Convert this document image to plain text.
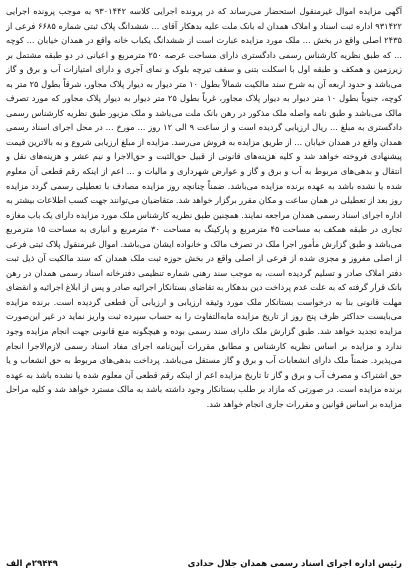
آگهی مزایده اموال غیرمنقول استحضار می‌رساند که در پرونده اجرایی کلاسه ۹۳۰۱۴۴۲ به موجب پرونده اجرایی ۹۳۱۴۲۲ اداره ثبت اسناد و املاک همدان له بانک ملت علیه بدهکار آقای ... ششدانگ پلاک ثبتی شماره ۶۶۸۵ فرعی از ۲۴۳۵ اصلی واقع در بخش ... ملک مورد مزایده عبارت است از ششدانگ یکباب خانه واقع در همدان خیابان ... کوچه ... که طبق نظریه کارشناس رسمی دادگستری دارای مساحت عرصه ۲۵۰ مترمربع و اعیانی در دو طبقه مشتمل بر زیرزمین و همکف و طبقه اول با اسکلت بتنی و سقف تیرچه بلوک و نمای آجری و دارای امتیازات آب و برق و گاز می‌باشد و حدود اربعه آن به شرح سند مالکیت شمالاً بطول ۱۰ متر دیوار به دیوار پلاک مجاور، شرقاً بطول ۲۵ متر به کوچه، جنوباً بطول ۱۰ متر دیوار به دیوار پلاک مجاور، غرباً بطول ۲۵ متر دیوار به دیوار پلاک مجاور که مورد تصرف مالک می‌باشد و طبق نامه واصله ملک مذکور در رهن بانک ملت می‌باشد و ملک مزبور طبق نظریه کارشناس رسمی دادگستری به مبلغ ... ریال ارزیابی گردیده است و از ساعت ۹ الی ۱۲ روز ... مورخ ... در محل اجرای اسناد رسمی همدان واقع در همدان خیابان ... از طریق مزایده به فروش می‌رسد. مزایده از مبلغ ارزیابی شروع و به بالاترین قیمت پیشنهادی فروخته خواهد شد و کلیه هزینه‌های قانونی از قبیل حق‌الثبت و حق‌الاجرا و نیم عشر و هزینه‌های نقل و انتقال و بدهی‌های مربوط به آب و برق و گاز و عوارض شهرداری و مالیات و ... اعم از اینکه رقم قطعی آن معلوم شده یا نشده باشد به عهده برنده مزایده می‌باشد. ضمناً چنانچه روز مزایده مصادف با تعطیلی رسمی گردد مزایده روز بعد از تعطیلی در همان ساعت و مکان مقرر برگزار خواهد شد. متقاضیان می‌توانند جهت کسب اطلاعات بیشتر به اداره اجرای اسناد رسمی همدان مراجعه نمایند. همچنین طبق نظریه کارشناس ملک مورد مزایده دارای یک باب مغازه تجاری در طبقه همکف به مساحت ۴۵ مترمربع و پارکینگ به مساحت ۳۰ مترمربع و انباری به مساحت ۱۵ مترمربع می‌باشد و طبق گزارش مأمور اجرا ملک در تصرف مالک و خانواده ایشان می‌باشد. اموال غیرمنقول پلاک ثبتی فرعی از اصلی مفروز و مجزی شده از فرعی از اصلی واقع در بخش حوزه ثبت ملک همدان که سند مالکیت آن ذیل ثبت دفتر املاک صادر و تسلیم گردیده است، به موجب سند رهنی شماره تنظیمی دفترخانه اسناد رسمی همدان در رهن بانک قرار گرفته که به علت عدم پرداخت دین بدهکار به تقاضای بستانکار اجرائیه صادر و پس از ابلاغ اجرائیه و انقضای مهلت قانونی بنا به درخواست بستانکار ملک مورد وثیقه ارزیابی و ارزیابی آن قطعی گردیده است. برنده مزایده می‌بایست حداکثر ظرف پنج روز از تاریخ مزایده مابه‌التفاوت را به حساب سپرده ثبت واریز نماید در غیر این‌صورت مزایده تجدید خواهد شد. طبق گزارش ملک دارای سند رسمی بوده و هیچگونه منع قانونی جهت انجام مزایده وجود ندارد و مزایده بر اساس نظریه کارشناس و مطابق مقررات آیین‌نامه اجرای مفاد اسناد رسمی لازم‌الاجرا انجام می‌پذیرد. ضمناً ملک دارای انشعابات آب و برق و گاز مستقل می‌باشد. پرداخت بدهی‌های مربوط به حق انشعاب و یا حق اشتراک و مصرف آب و برق و گاز تا تاریخ مزایده اعم از اینکه رقم قطعی آن معلوم شده یا نشده باشد به عهده برنده مزایده است. در صورتی که مازاد بر طلب بستانکار وجود داشته باشد به مالک مسترد خواهد شد و کلیه مراحل مزایده بر اساس قوانین و مقررات جاری انجام خواهد شد.

رئیس اداره اجرای اسناد رسمی همدان جلال حدادی
۲۹۴۴۹م الف
